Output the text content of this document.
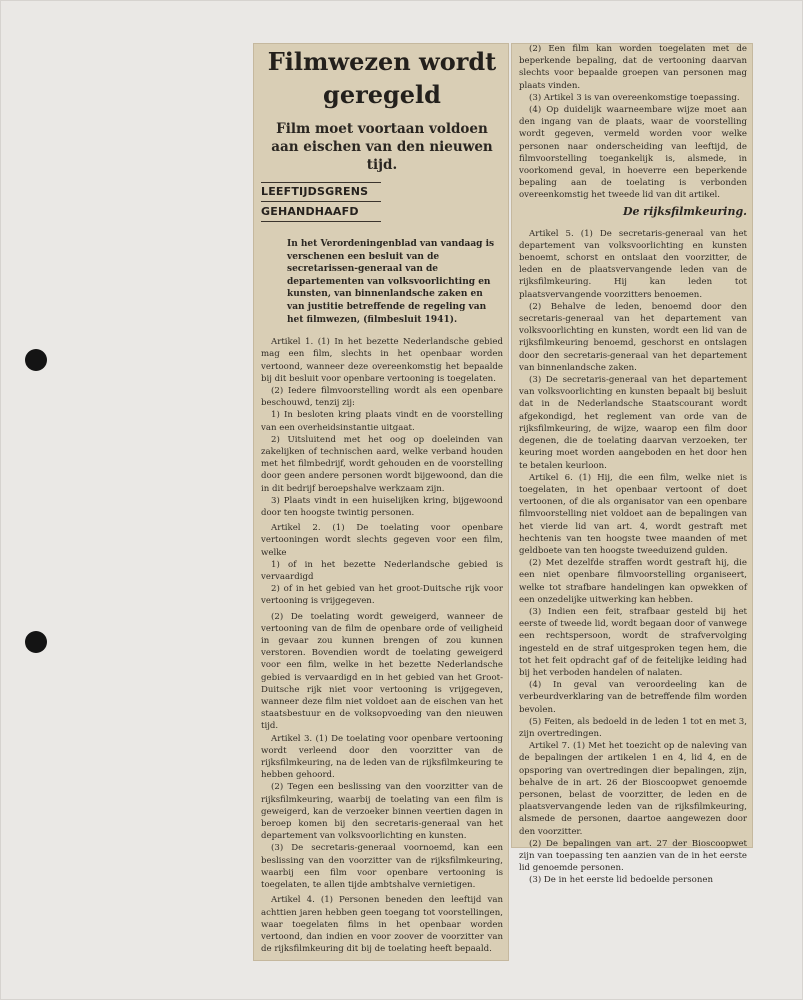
Filmwezen wordt geregeld
Film moet voortaan voldoen aan eischen van den nieuwen tijd.
LEEFTIJDSGRENS
GEHANDHAAFD
In het Verordeningenblad van vandaag is verschenen een besluit van de secretarissen-generaal van de departementen van volksvoorlichting en kunsten, van binnenlandsche zaken en van justitie betreffende de regeling van het filmwezen, (filmbesluit 1941).

Artikel 1. (1) In het bezette Nederlandsche gebied mag een film, slechts in het openbaar worden vertoond, wanneer deze overeenkomstig het bepaalde bij dit besluit voor openbare vertooning is toegelaten.

(2) Iedere filmvoorstelling wordt als een openbare beschouwd, tenzij zij:

1) In besloten kring plaats vindt en de voorstelling van een overheidsinstantie uitgaat.

2) Uitsluitend met het oog op doeleinden van zakelijken of technischen aard, welke verband houden met het filmbedrijf, wordt gehouden en de voorstelling door geen andere personen wordt bijgewoond, dan die in dit bedrijf beroepshalve werkzaam zijn.

3) Plaats vindt in een huiselijken kring, bijgewoond door ten hoogste twintig personen.

Artikel 2. (1) De toelating voor openbare vertooningen wordt slechts gegeven voor een film, welke

1) of in het bezette Nederlandsche gebied is vervaardigd

2) of in het gebied van het groot-Duitsche rijk voor vertooning is vrijgegeven.

(2) De toelating wordt geweigerd, wanneer de vertooning van de film de openbare orde of veiligheid in gevaar zou kunnen brengen of zou kunnen verstoren. Bovendien wordt de toelating geweigerd voor een film, welke in het bezette Nederlandsche gebied is vervaardigd en in het gebied van het Groot-Duitsche rijk niet voor vertooning is vrijgegeven, wanneer deze film niet voldoet aan de eischen van het staatsbestuur en de volksopvoeding van den nieuwen tijd.

Artikel 3. (1) De toelating voor openbare vertooning wordt verleend door den voorzitter van de rijksfilmkeuring, na de leden van de rijksfilmkeuring te hebben gehoord.

(2) Tegen een beslissing van den voorzitter van de rijksfilmkeuring, waarbij de toelating van een film is geweigerd, kan de verzoeker binnen veertien dagen in beroep komen bij den secretaris-generaal van het departement van volksvoorlichting en kunsten.

(3) De secretaris-generaal voornoemd, kan een beslissing van den voorzitter van de rijksfilmkeuring, waarbij een film voor openbare vertooning is toegelaten, te allen tijde ambtshalve vernietigen.

Artikel 4. (1) Personen beneden den leeftijd van achttien jaren hebben geen toegang tot voorstellingen, waar toegelaten films in het openbaar worden vertoond, dan indien en voor zoover de voorzitter van de rijksfilmkeuring dit bij de toelating heeft bepaald.

(2) Een film kan worden toegelaten met de beperkende bepaling, dat de vertooning daarvan slechts voor bepaalde groepen van personen mag plaats vinden.

(3) Artikel 3 is van overeenkomstige toepassing.

(4) Op duidelijk waarneembare wijze moet aan den ingang van de plaats, waar de voorstelling wordt gegeven, vermeld worden voor welke personen naar onderscheiding van leeftijd, de filmvoorstelling toegankelijk is, alsmede, in voorkomend geval, in hoeverre een beperkende bepaling aan de toelating is verbonden overeenkomstig het tweede lid van dit artikel.

De rijksfilmkeuring.

Artikel 5. (1) De secretaris-generaal van het departement van volksvoorlichting en kunsten benoemt, schorst en ontslaat den voorzitter, de leden en de plaatsvervangende leden van de rijksfilmkeuring. Hij kan leden tot plaatsvervangende voorzitters benoemen.

(2) Behalve de leden, benoemd door den secretaris-generaal van het departement van volksvoorlichting en kunsten, wordt een lid van de rijksfilmkeuring benoemd, geschorst en ontslagen door den secretaris-generaal van het departement van binnenlandsche zaken.

(3) De secretaris-generaal van het departement van volksvoorlichting en kunsten bepaalt bij besluit dat in de Nederlandsche Staatscourant wordt afgekondigd, het reglement van orde van de rijksfilmkeuring, de wijze, waarop een film door degenen, die de toelating daarvan verzoeken, ter keuring moet worden aangeboden en het door hen te betalen keurloon.

Artikel 6. (1) Hij, die een film, welke niet is toegelaten, in het openbaar vertoont of doet vertoonen, of die als organisator van een openbare filmvoorstelling niet voldoet aan de bepalingen van het vierde lid van art. 4, wordt gestraft met hechtenis van ten hoogste twee maanden of met geldboete van ten hoogste tweeduizend gulden.

(2) Met dezelfde straffen wordt gestraft hij, die een niet openbare filmvoorstelling organiseert, welke tot strafbare handelingen kan opwekken of een onzedelijke uitwerking kan hebben.

(3) Indien een feit, strafbaar gesteld bij het eerste of tweede lid, wordt begaan door of vanwege een rechtspersoon, wordt de strafvervolging ingesteld en de straf uitgesproken tegen hem, die tot het feit opdracht gaf of de feitelijke leiding had bij het verboden handelen of nalaten.

(4) In geval van veroordeeling kan de verbeurdverklaring van de betreffende film worden bevolen.

(5) Feiten, als bedoeld in de leden 1 tot en met 3, zijn overtredingen.

Artikel 7. (1) Met het toezicht op de naleving van de bepalingen der artikelen 1 en 4, lid 4, en de opsporing van overtredingen dier bepalingen, zijn, behalve de in art. 26 der Bioscoopwet genoemde personen, belast de voorzitter, de leden en de plaatsvervangende leden van de rijksfilmkeuring, alsmede de personen, daartoe aangewezen door den voorzitter.

(2) De bepalingen van art. 27 der Bioscoopwet zijn van toepassing ten aanzien van de in het eerste lid genoemde personen.

(3) De in het eerste lid bedoelde personen
